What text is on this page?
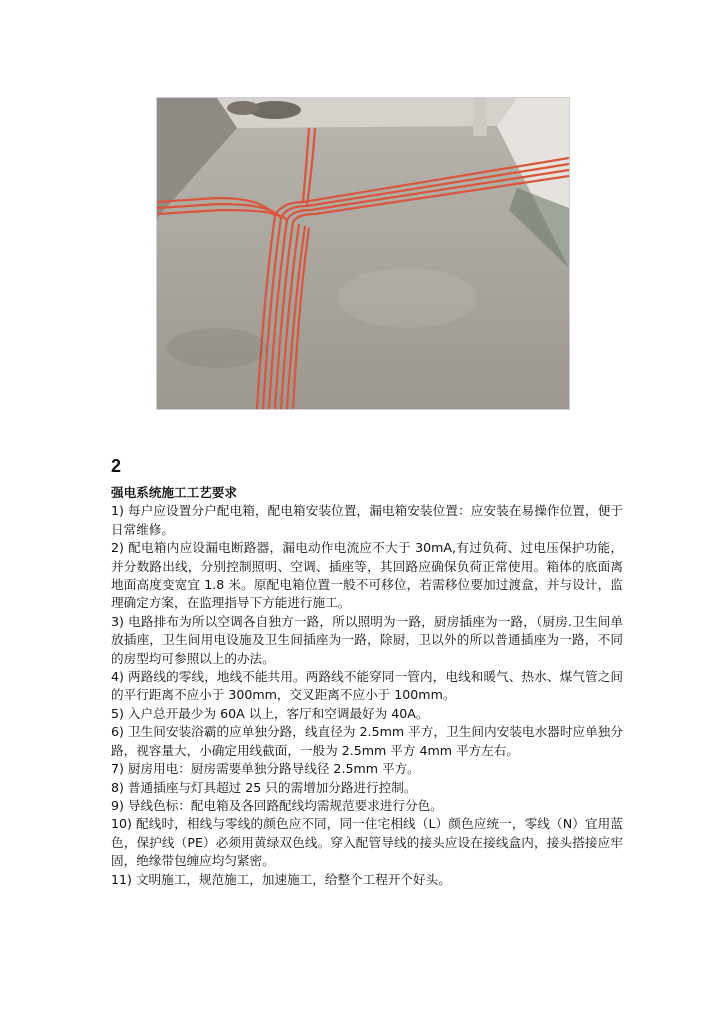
2
强电系统施工工艺要求

1) 每户应设置分户配电箱，配电箱安装位置，漏电箱安装位置：应安装在易操作位置，便于日常维修。

2) 配电箱内应设漏电断路器，漏电动作电流应不大于 30mA,有过负荷、过电压保护功能，并分数路出线，分别控制照明、空调、插座等，其回路应确保负荷正常使用。箱体的底面离地面高度变宽宜 1.8 米。原配电箱位置一般不可移位，若需移位要加过渡盒，并与设计，监理确定方案，在监理指导下方能进行施工。

3) 电路排布为所以空调各自独方一路，所以照明为一路，厨房插座为一路，（厨房.卫生间单放插座，卫生间用电设施及卫生间插座为一路，除厨，卫以外的所以普通插座为一路，不同的房型均可参照以上的办法。

4) 两路线的零线，地线不能共用。两路线不能穿同一管内，电线和暖气、热水、煤气管之间的平行距离不应小于 300mm，交叉距离不应小于 100mm。

5) 入户总开最少为 60A 以上，客厅和空调最好为 40A。

6) 卫生间安装浴霸的应单独分路，线直径为 2.5mm 平方，卫生间内安装电水器时应单独分路，视容量大，小确定用线截面，一般为 2.5mm 平方 4mm 平方左右。

7) 厨房用电：厨房需要单独分路导线径 2.5mm 平方。

8) 普通插座与灯具超过 25 只的需增加分路进行控制。

9) 导线色标：配电箱及各回路配线均需规范要求进行分色。

10) 配线时，相线与零线的颜色应不同，同一住宅相线（L）颜色应统一，零线（N）宜用蓝色，保护线（PE）必须用黄绿双色线。穿入配管导线的接头应设在接线盒内，接头搭接应牢固，绝缘带包缠应均匀紧密。

11) 文明施工，规范施工，加速施工，给整个工程开个好头。
